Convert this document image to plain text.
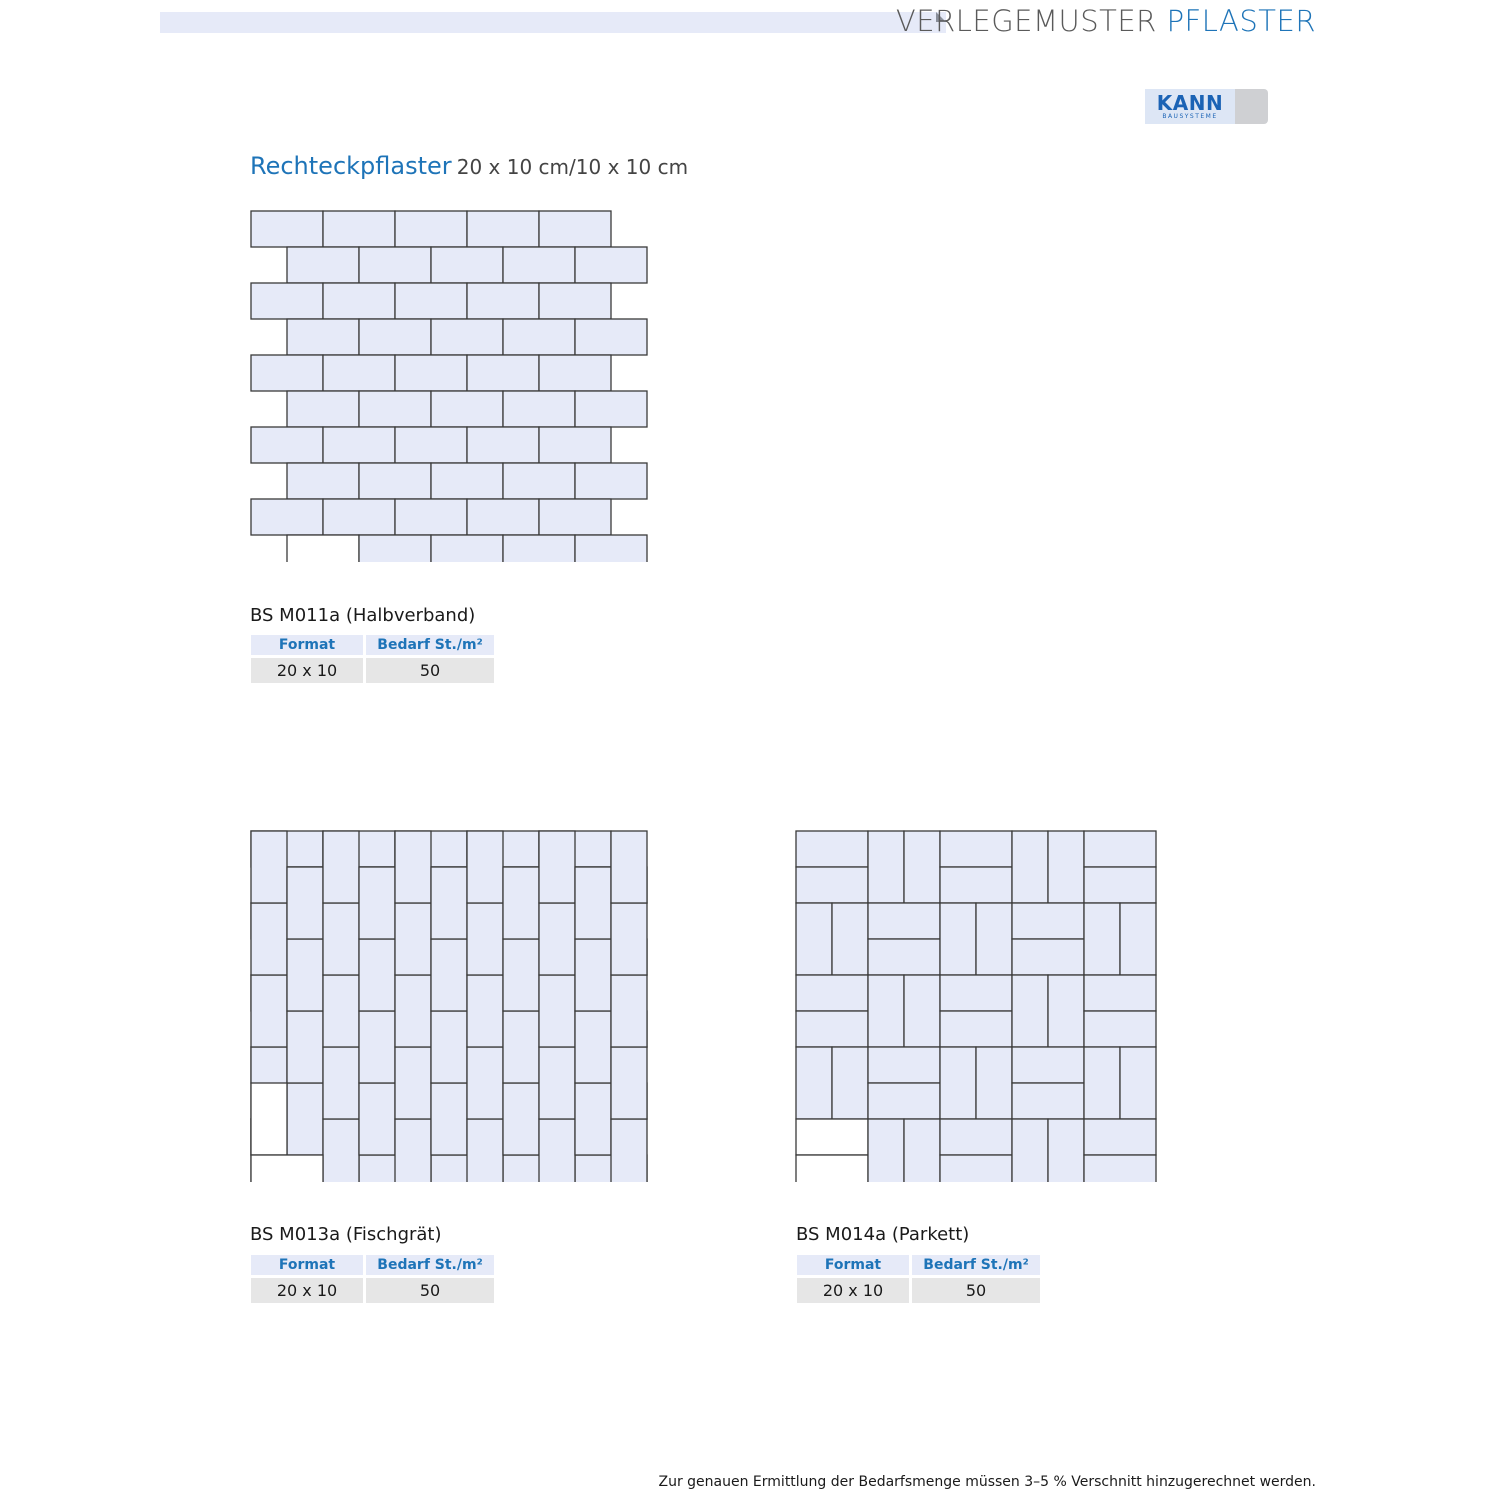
VERLEGEMUSTER PFLASTER
KANN
BAUSYSTEME
Rechteckpflaster 20 x 10 cm/10 x 10 cm
BS M011a (Halbverband)
Format	Bedarf St./m²
20 x 10	50
BS M013a (Fischgrät)
Format	Bedarf St./m²
20 x 10	50
BS M014a (Parkett)
Format	Bedarf St./m²
20 x 10	50
Zur genauen Ermittlung der Bedarfsmenge müssen 3–5 % Verschnitt hinzugerechnet werden.
